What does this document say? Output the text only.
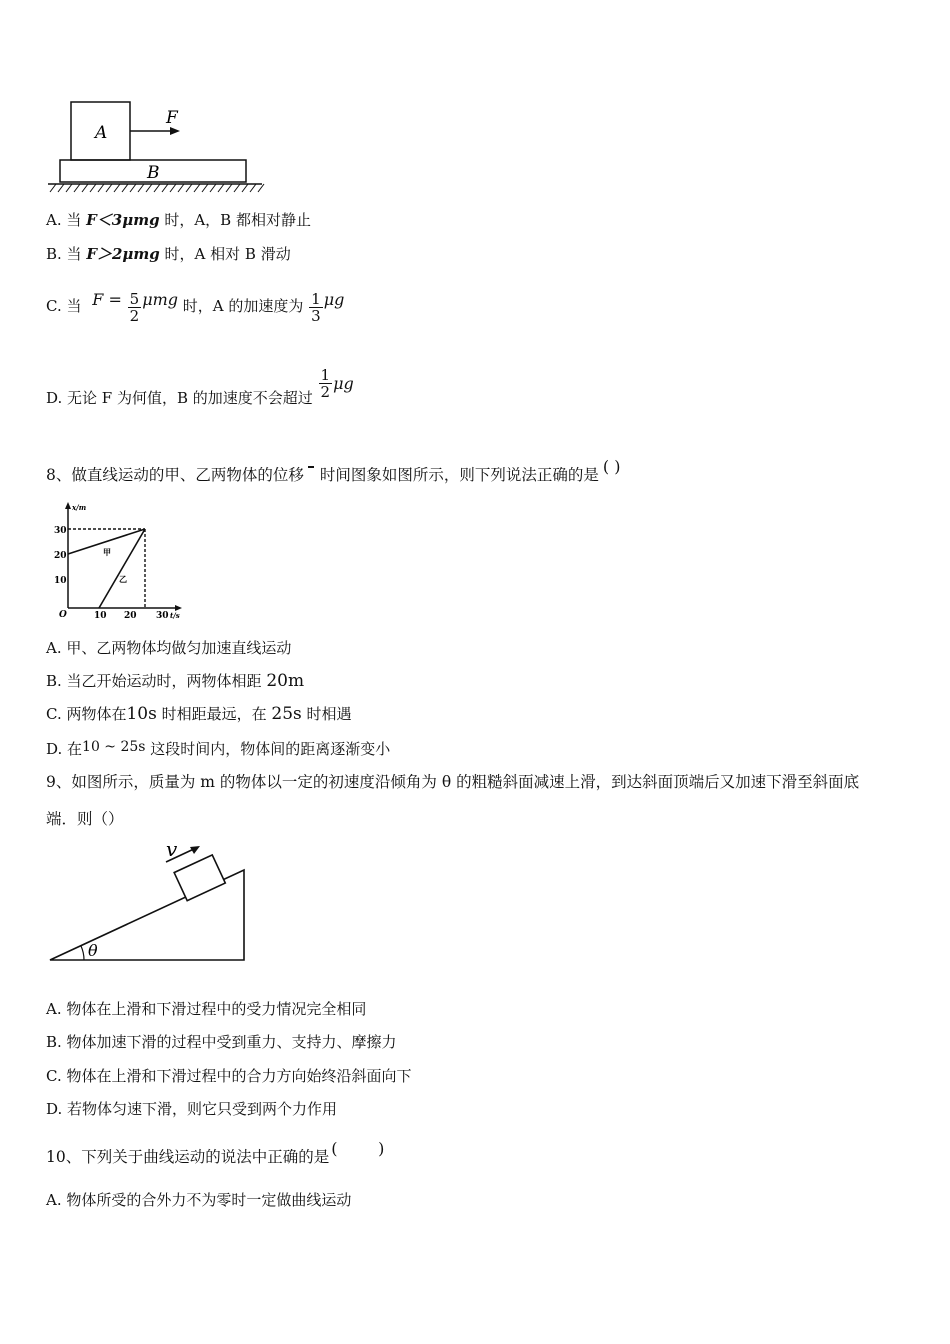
A
F
B
A. 当 F＜3μmg 时，A，B 都相对静止
B. 当 F＞2μmg 时，A 相对 B 滑动
C. 当 $F = \frac{5}{2}$ μmg 时，A 的加速度为 $\frac{1}{3}$ μg
D. 无论 F 为何值，B 的加速度不会超过 $\frac{1}{2}$ μg
8、做直线运动的甲、乙两物体的位移 时间图象如图所示，则下列说法正确的是 ( )
x/m
t/s
O
10
20
30
10 20 30
甲
乙
A. 甲、乙两物体均做匀加速直线运动
B. 当乙开始运动时，两物体相距 20m
C. 两物体在10s 时相距最远，在 25s 时相遇
D. 在10 ~ 25s 这段时间内，物体间的距离逐渐变小
9、如图所示，质量为 m 的物体以一定的初速度沿倾角为 θ 的粗糙斜面减速上滑，到达斜面顶端后又加速下滑至斜面底
端．则（）
v
θ
A. 物体在上滑和下滑过程中的受力情况完全相同
B. 物体加速下滑的过程中受到重力、支持力、摩擦力
C. 物体在上滑和下滑过程中的合力方向始终沿斜面向下
D. 若物体匀速下滑，则它只受到两个力作用
10、下列关于曲线运动的说法中正确的是 (        )
A. 物体所受的合外力不为零时一定做曲线运动
